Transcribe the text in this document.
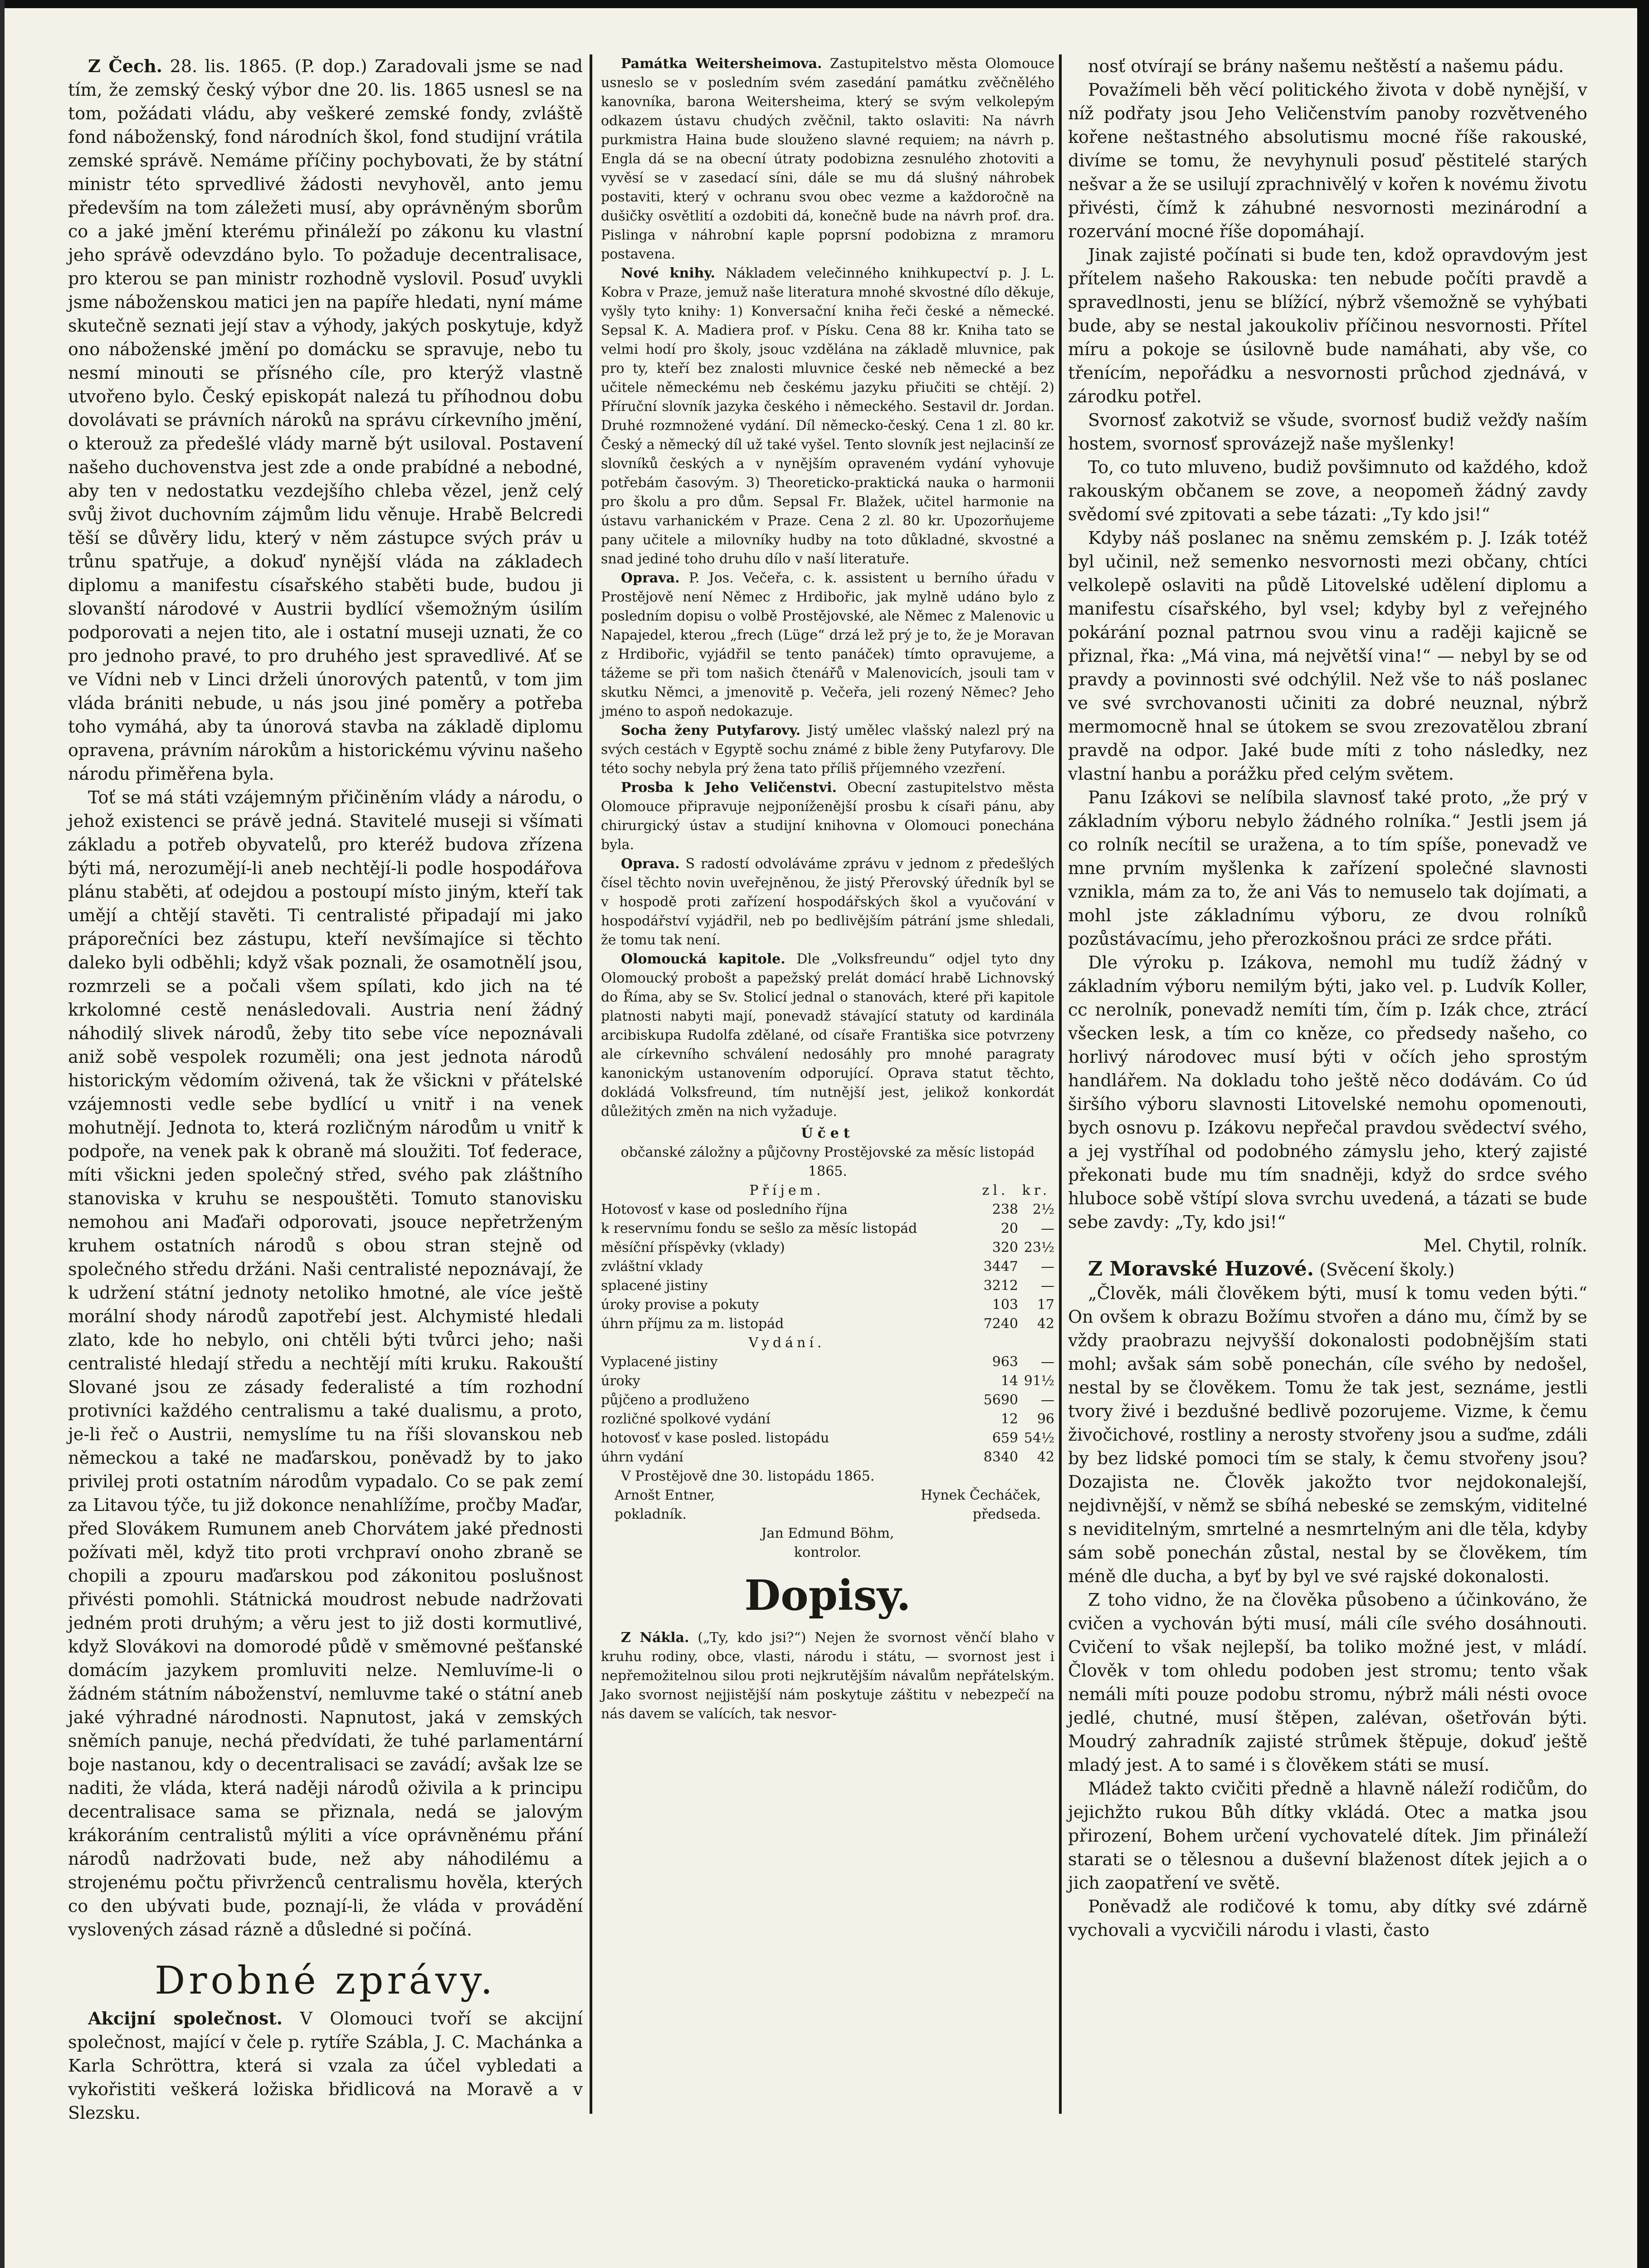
Z Čech. 28. lis. 1865. (P. dop.) Zaradovali jsme se nad tím, že zemský český výbor dne 20. lis. 1865 usnesl se na tom, požádati vládu, aby veškeré zemské fondy, zvláště fond náboženský, fond národních škol, fond studijní vrátila zemské správě. Nemáme příčiny pochybovati, že by státní ministr této sprvedlivé žádosti nevyhověl, anto jemu především na tom záležeti musí, aby oprávněným sborům co a jaké jmění kterému přináleží po zákonu ku vlastní jeho správě odevzdáno bylo. To požaduje decentralisace, pro kterou se pan ministr rozhodně vyslovil. Posuď uvykli jsme náboženskou matici jen na papíře hledati, nyní máme skutečně seznati její stav a výhody, jakých poskytuje, když ono náboženské jmění po domácku se spravuje, nebo tu nesmí minouti se přísného cíle, pro kterýž vlastně utvořeno bylo. Český episkopát nalezá tu příhodnou dobu dovolávati se právních nároků na správu církevního jmění, o kterouž za předešlé vlády marně být usiloval. Postavení našeho duchovenstva jest zde a onde prabídné a nebodné, aby ten v nedostatku vezdejšího chleba vězel, jenž celý svůj život duchovním zájmům lidu věnuje. Hrabě Belcredi těší se důvěry lidu, který v něm zástupce svých práv u trůnu spatřuje, a dokuď nynější vláda na základech diplomu a manifestu císařského staběti bude, budou ji slovanští národové v Austrii bydlící všemožným úsilím podporovati a nejen tito, ale i ostatní museji uznati, že co pro jednoho pravé, to pro druhého jest spravedlivé. Ať se ve Vídni neb v Linci drželi únorových patentů, v tom jim vláda brániti nebude, u nás jsou jiné poměry a potřeba toho vymáhá, aby ta únorová stavba na základě diplomu opravena, právním nárokům a historickému vývinu našeho národu přiměřena byla.

Toť se má státi vzájemným přičiněním vlády a národu, o jehož existenci se právě jedná. Stavitelé museji si všímati základu a potřeb obyvatelů, pro kteréž budova zřízena býti má, nerozumějí-li aneb nechtějí-li podle hospodářova plánu staběti, ať odejdou a postoupí místo jiným, kteří tak umějí a chtějí stavěti. Ti centralisté připadají mi jako práporečníci bez zástupu, kteří nevšímajíce si těchto daleko byli odběhli; když však poznali, že osamotnělí jsou, rozmrzeli se a počali všem spílati, kdo jich na té krkolomné cestě nenásledovali. Austria není žádný náhodilý slivek národů, žeby tito sebe více nepoznávali aniž sobě vespolek rozuměli; ona jest jednota národů historickým vědomím oživená, tak že všickni v přátelské vzájemnosti vedle sebe bydlící u vnitř i na venek mohutnějí. Jednota to, která rozličným národům u vnitř k podpoře, na venek pak k obraně má sloužiti. Toť federace, míti všickni jeden společný střed, svého pak zláštního stanoviska v kruhu se nespouštěti. Tomuto stanovisku nemohou ani Maďaři odporovati, jsouce nepřetrženým kruhem ostatních národů s obou stran stejně od společného středu držáni. Naši centralisté nepoznávají, že k udržení státní jednoty netoliko hmotné, ale více ještě morální shody národů zapotřebí jest. Alchymisté hledali zlato, kde ho nebylo, oni chtěli býti tvůrci jeho; naši centralisté hledají středu a nechtějí míti kruku. Rakouští Slované jsou ze zásady federalisté a tím rozhodní protivníci každého centralismu a také dualismu, a proto, je-li řeč o Austrii, nemyslíme tu na říši slovanskou neb německou a také ne maďarskou, poněvadž by to jako privilej proti ostatním národům vypadalo. Co se pak zemí za Litavou týče, tu již dokonce nenahlížíme, pročby Maďar, před Slovákem Rumunem aneb Chorvátem jaké přednosti požívati měl, když tito proti vrchpraví onoho zbraně se chopili a zpouru maďarskou pod zákonitou poslušnost přivésti pomohli. Státnická moudrost nebude nadržovati jedném proti druhým; a věru jest to již dosti kormutlivé, když Slovákovi na domorodé půdě v směmovné pešťanské domácím jazykem promluviti nelze. Nemluvíme-li o žádném státním náboženství, nemluvme také o státní aneb jaké výhradné národnosti. Napnutost, jaká v zemských sněmích panuje, nechá předvídati, že tuhé parlamentární boje nastanou, kdy o decentralisaci se zavádí; avšak lze se naditi, že vláda, která naději národů oživila a k principu decentralisace sama se přiznala, nedá se jalovým krákoráním centralistů mýliti a více oprávněnému přání národů nadržovati bude, než aby náhodilému a strojenému počtu přivrženců centralismu hověla, kterých co den ubývati bude, poznají-li, že vláda v provádění vyslovených zásad rázně a důsledné si počíná.

Drobné zprávy.

Akcijní společnost. V Olomouci tvoří se akcijní společnost, mající v čele p. rytíře Szábla, J. C. Machánka a Karla Schröttra, která si vzala za účel vybledati a vykořistiti veškerá ložiska břidlicová na Moravě a v Slezsku.

Památka Weitersheimova. Zastupitelstvo města Olomouce usneslo se v posledním svém zasedání památku zvěčnělého kanovníka, barona Weitersheima, který se svým velkolepým odkazem ústavu chudých zvěčnil, takto oslaviti: Na návrh purkmistra Haina bude slouženo slavné requiem; na návrh p. Engla dá se na obecní útraty podobizna zesnulého zhotoviti a vyvěsí se v zasedací síni, dále se mu dá slušný náhrobek postaviti, který v ochranu svou obec vezme a každoročně na dušičky osvětlití a ozdobiti dá, konečně bude na návrh prof. dra. Pislinga v náhrobní kaple poprsní podobizna z mramoru postavena.

Nové knihy. Nákladem velečinného knihkupectví p. J. L. Kobra v Praze, jemuž naše literatura mnohé skvostné dílo děkuje, vyšly tyto knihy: 1) Konversační kniha řeči české a německé. Sepsal K. A. Madiera prof. v Písku. Cena 88 kr. Kniha tato se velmi hodí pro školy, jsouc vzdělána na základě mluvnice, pak pro ty, kteří bez znalosti mluvnice české neb německé a bez učitele německému neb českému jazyku přiučiti se chtějí. 2) Příruční slovník jazyka českého i německého. Sestavil dr. Jordan. Druhé rozmnožené vydání. Díl německo-český. Cena 1 zl. 80 kr. Český a německý díl už také vyšel. Tento slovník jest nejlacinší ze slovníků českých a v nynějším opraveném vydání vyhovuje potřebám časovým. 3) Theoreticko-praktická nauka o harmonii pro školu a pro dům. Sepsal Fr. Blažek, učitel harmonie na ústavu varhanickém v Praze. Cena 2 zl. 80 kr. Upozorňujeme pany učitele a milovníky hudby na toto důkladné, skvostné a snad jediné toho druhu dílo v naší literatuře.

Oprava. P. Jos. Večeřa, c. k. assistent u berního úřadu v Prostějově není Němec z Hrdibořic, jak mylně udáno bylo z posledním dopisu o volbě Prostějovské, ale Němec z Malenovic u Napajedel, kterou „frech (Lüge“ drzá lež prý je to, že je Moravan z Hrdibořic, vyjádřil se tento panáček) tímto opravujeme, a tážeme se při tom našich čtenářů v Malenovicích, jsouli tam v skutku Němci, a jmenovitě p. Večeřa, jeli rozený Němec? Jeho jméno to aspoň nedokazuje.

Socha ženy Putyfarovy. Jistý umělec vlašský nalezl prý na svých cestách v Egyptě sochu známé z bible ženy Putyfarovy. Dle této sochy nebyla prý žena tato příliš příjemného vzezření.

Prosba k Jeho Veličenstvi. Obecní zastupitelstvo města Olomouce připravuje nejponíženější prosbu k císaři pánu, aby chirurgický ústav a studijní knihovna v Olomouci ponechána byla.

Oprava. S radostí odvoláváme zprávu v jednom z předešlých čísel těchto novin uveřejněnou, že jistý Přerovský úředník byl se v hospodě proti zařízení hospodářských škol a vyučování v hospodářství vyjádřil, neb po bedlivějším pátrání jsme shledali, že tomu tak není.

Olomoucká kapitole. Dle „Volksfreundu“ odjel tyto dny Olomoucký probošt a papežský prelát domácí hrabě Lichnovský do Říma, aby se Sv. Stolicí jednal o stanovách, které při kapitole platnosti nabyti mají, ponevadž stávající statuty od kardinála arcibiskupa Rudolfa zdělané, od císaře Františka sice potvrzeny ale církevního schválení nedosáhly pro mnohé paragraty kanonickým ustanovením odporující. Oprava statut těchto, dokládá Volksfreund, tím nutnější jest, jelikož konkordát důležitých změn na nich vyžaduje.

Účet
občanské záložny a půjčovny Prostějovské za měsíc listopád 1865.
Příjem.	zl.	kr.
Hotovosť v kase od posledního října	238	2½
k reservnímu fondu se sešlo za měsíc listopád	20	—
měsíční příspěvky (vklady)	320	23½
zvláštní vklady	3447	—
splacené jistiny	3212	—
úroky provise a pokuty	103	17
úhrn příjmu za m. listopád	7240	42
Vydání.		
Vyplacené jistiny	963	—
úroky	14	91½
půjčeno a prodluženo	5690	—
rozličné spolkové vydání	12	96
hotovosť v kase posled. listopádu	659	54½
úhrn vydání	8340	42

V Prostějově dne 30. listopádu 1865.

Arnošt Entner,	Hynek Čecháček,
pokladník.	předseda.
Jan Edmund Böhm,
kontrolor.
Dopisy.

Z Nákla. („Ty, kdo jsi?“) Nejen že svornost věnčí blaho v kruhu rodiny, obce, vlasti, národu i státu, — svornost jest i nepřemožitelnou silou proti nejkrutějším návalům nepřátelským. Jako svornost nejjistější nám poskytuje záštitu v nebezpečí na nás davem se valících, tak nesvor-

nosť otvírají se brány našemu neštěstí a našemu pádu.

Považímeli běh věcí politického života v době nynější, v níž podřaty jsou Jeho Veličenstvím panoby rozvětveného kořene neštastného absolutismu mocné říše rakouské, divíme se tomu, že nevyhynuli posuď pěstitelé starých nešvar a že se usilují zprachnivělý v kořen k novému životu přivésti, čímž k záhubné nesvornosti mezinárodní a rozervání mocné říše dopomáhají.

Jinak zajisté počínati si bude ten, kdož opravdovým jest přítelem našeho Rakouska: ten nebude počíti pravdě a spravedlnosti, jenu se blížící, nýbrž všemožně se vyhýbati bude, aby se nestal jakoukoliv příčinou nesvornosti. Přítel míru a pokoje se úsilovně bude namáhati, aby vše, co třenícím, nepořádku a nesvornosti průchod zjednává, v zárodku potřel.

Svornosť zakotviž se všude, svornosť budiž vežďy naším hostem, svornosť sprovázejž naše myšlenky!

To, co tuto mluveno, budiž povšimnuto od každého, kdož rakouským občanem se zove, a neopomeň žádný zavdy svědomí své zpitovati a sebe tázati: „Ty kdo jsi!“

Kdyby náš poslanec na sněmu zemském p. J. Izák totéž byl učinil, než semenko nesvornosti mezi občany, chtíci velkolepě oslaviti na půdě Litovelské udělení diplomu a manifestu císařského, byl vsel; kdyby byl z veřejného pokárání poznal patrnou svou vinu a raději kajicně se přiznal, řka: „Má vina, má největší vina!“ — nebyl by se od pravdy a povinnosti své odchýlil. Než vše to náš poslanec ve své svrchovanosti učiniti za dobré neuznal, nýbrž mermomocně hnal se útokem se svou zrezovatělou zbraní pravdě na odpor. Jaké bude míti z toho následky, nez vlastní hanbu a porážku před celým světem.

Panu Izákovi se nelíbila slavnosť také proto, „že prý v základním výboru nebylo žádného rolníka.“ Jestli jsem já co rolník necítil se uražena, a to tím spíše, ponevadž ve mne prvním myšlenka k zařízení společné slavnosti vznikla, mám za to, že ani Vás to nemuselo tak dojímati, a mohl jste základnímu výboru, ze dvou rolníků pozůstávacímu, jeho přerozkošnou práci ze srdce přáti.

Dle výroku p. Izákova, nemohl mu tudíž žádný v základním výboru nemilým býti, jako vel. p. Ludvík Koller, cc nerolník, ponevadž nemíti tím, čím p. Izák chce, ztrácí všecken lesk, a tím co kněze, co předsedy našeho, co horlivý národovec musí býti v očích jeho sprostým handlářem. Na dokladu toho ještě něco dodávám. Co úd širšího výboru slavnosti Litovelské nemohu opomenouti, bych osnovu p. Izákovu nepřečal pravdou svědectví svého, a jej vystříhal od podobného zámyslu jeho, který zajisté překonati bude mu tím snadněji, když do srdce svého hluboce sobě vštípí slova svrchu uvedená, a tázati se bude sebe zavdy: „Ty, kdo jsi!“

Mel. Chytil, rolník.

Z Moravské Huzové. (Svěcení školy.)

„Člověk, máli člověkem býti, musí k tomu veden býti.“ On ovšem k obrazu Božímu stvořen a dáno mu, čímž by se vždy praobrazu nejvyšší dokonalosti podobnějším stati mohl; avšak sám sobě ponechán, cíle svého by nedošel, nestal by se člověkem. Tomu že tak jest, seznáme, jestli tvory živé i bezdušné bedlivě pozorujeme. Vizme, k čemu živočichové, rostliny a nerosty stvořeny jsou a suďme, zdáli by bez lidské pomoci tím se staly, k čemu stvořeny jsou? Dozajista ne. Člověk jakožto tvor nejdokonalejší, nejdivnější, v němž se sbíhá nebeské se zemským, viditelné s neviditelným, smrtelné a nesmrtelným ani dle těla, kdyby sám sobě ponechán zůstal, nestal by se člověkem, tím méně dle ducha, a byť by byl ve své rajské dokonalosti.

Z toho vidno, že na člověka působeno a účinkováno, že cvičen a vychován býti musí, máli cíle svého dosáhnouti. Cvičení to však nejlepší, ba toliko možné jest, v mládí. Člověk v tom ohledu podoben jest stromu; tento však nemáli míti pouze podobu stromu, nýbrž máli nésti ovoce jedlé, chutné, musí štěpen, zalévan, ošetřován býti. Moudrý zahradník zajisté strůmek štěpuje, dokuď ještě mladý jest. A to samé i s člověkem státi se musí.

Mládež takto cvičiti předně a hlavně náleží rodičům, do jejichžto rukou Bůh dítky vkládá. Otec a matka jsou přirození, Bohem určení vychovatelé dítek. Jim přináleží starati se o tělesnou a duševní blaženost dítek jejich a o jich zaopatření ve světě.

Poněvadž ale rodičové k tomu, aby dítky své zdárně vychovali a vycvičili národu i vlasti, často
